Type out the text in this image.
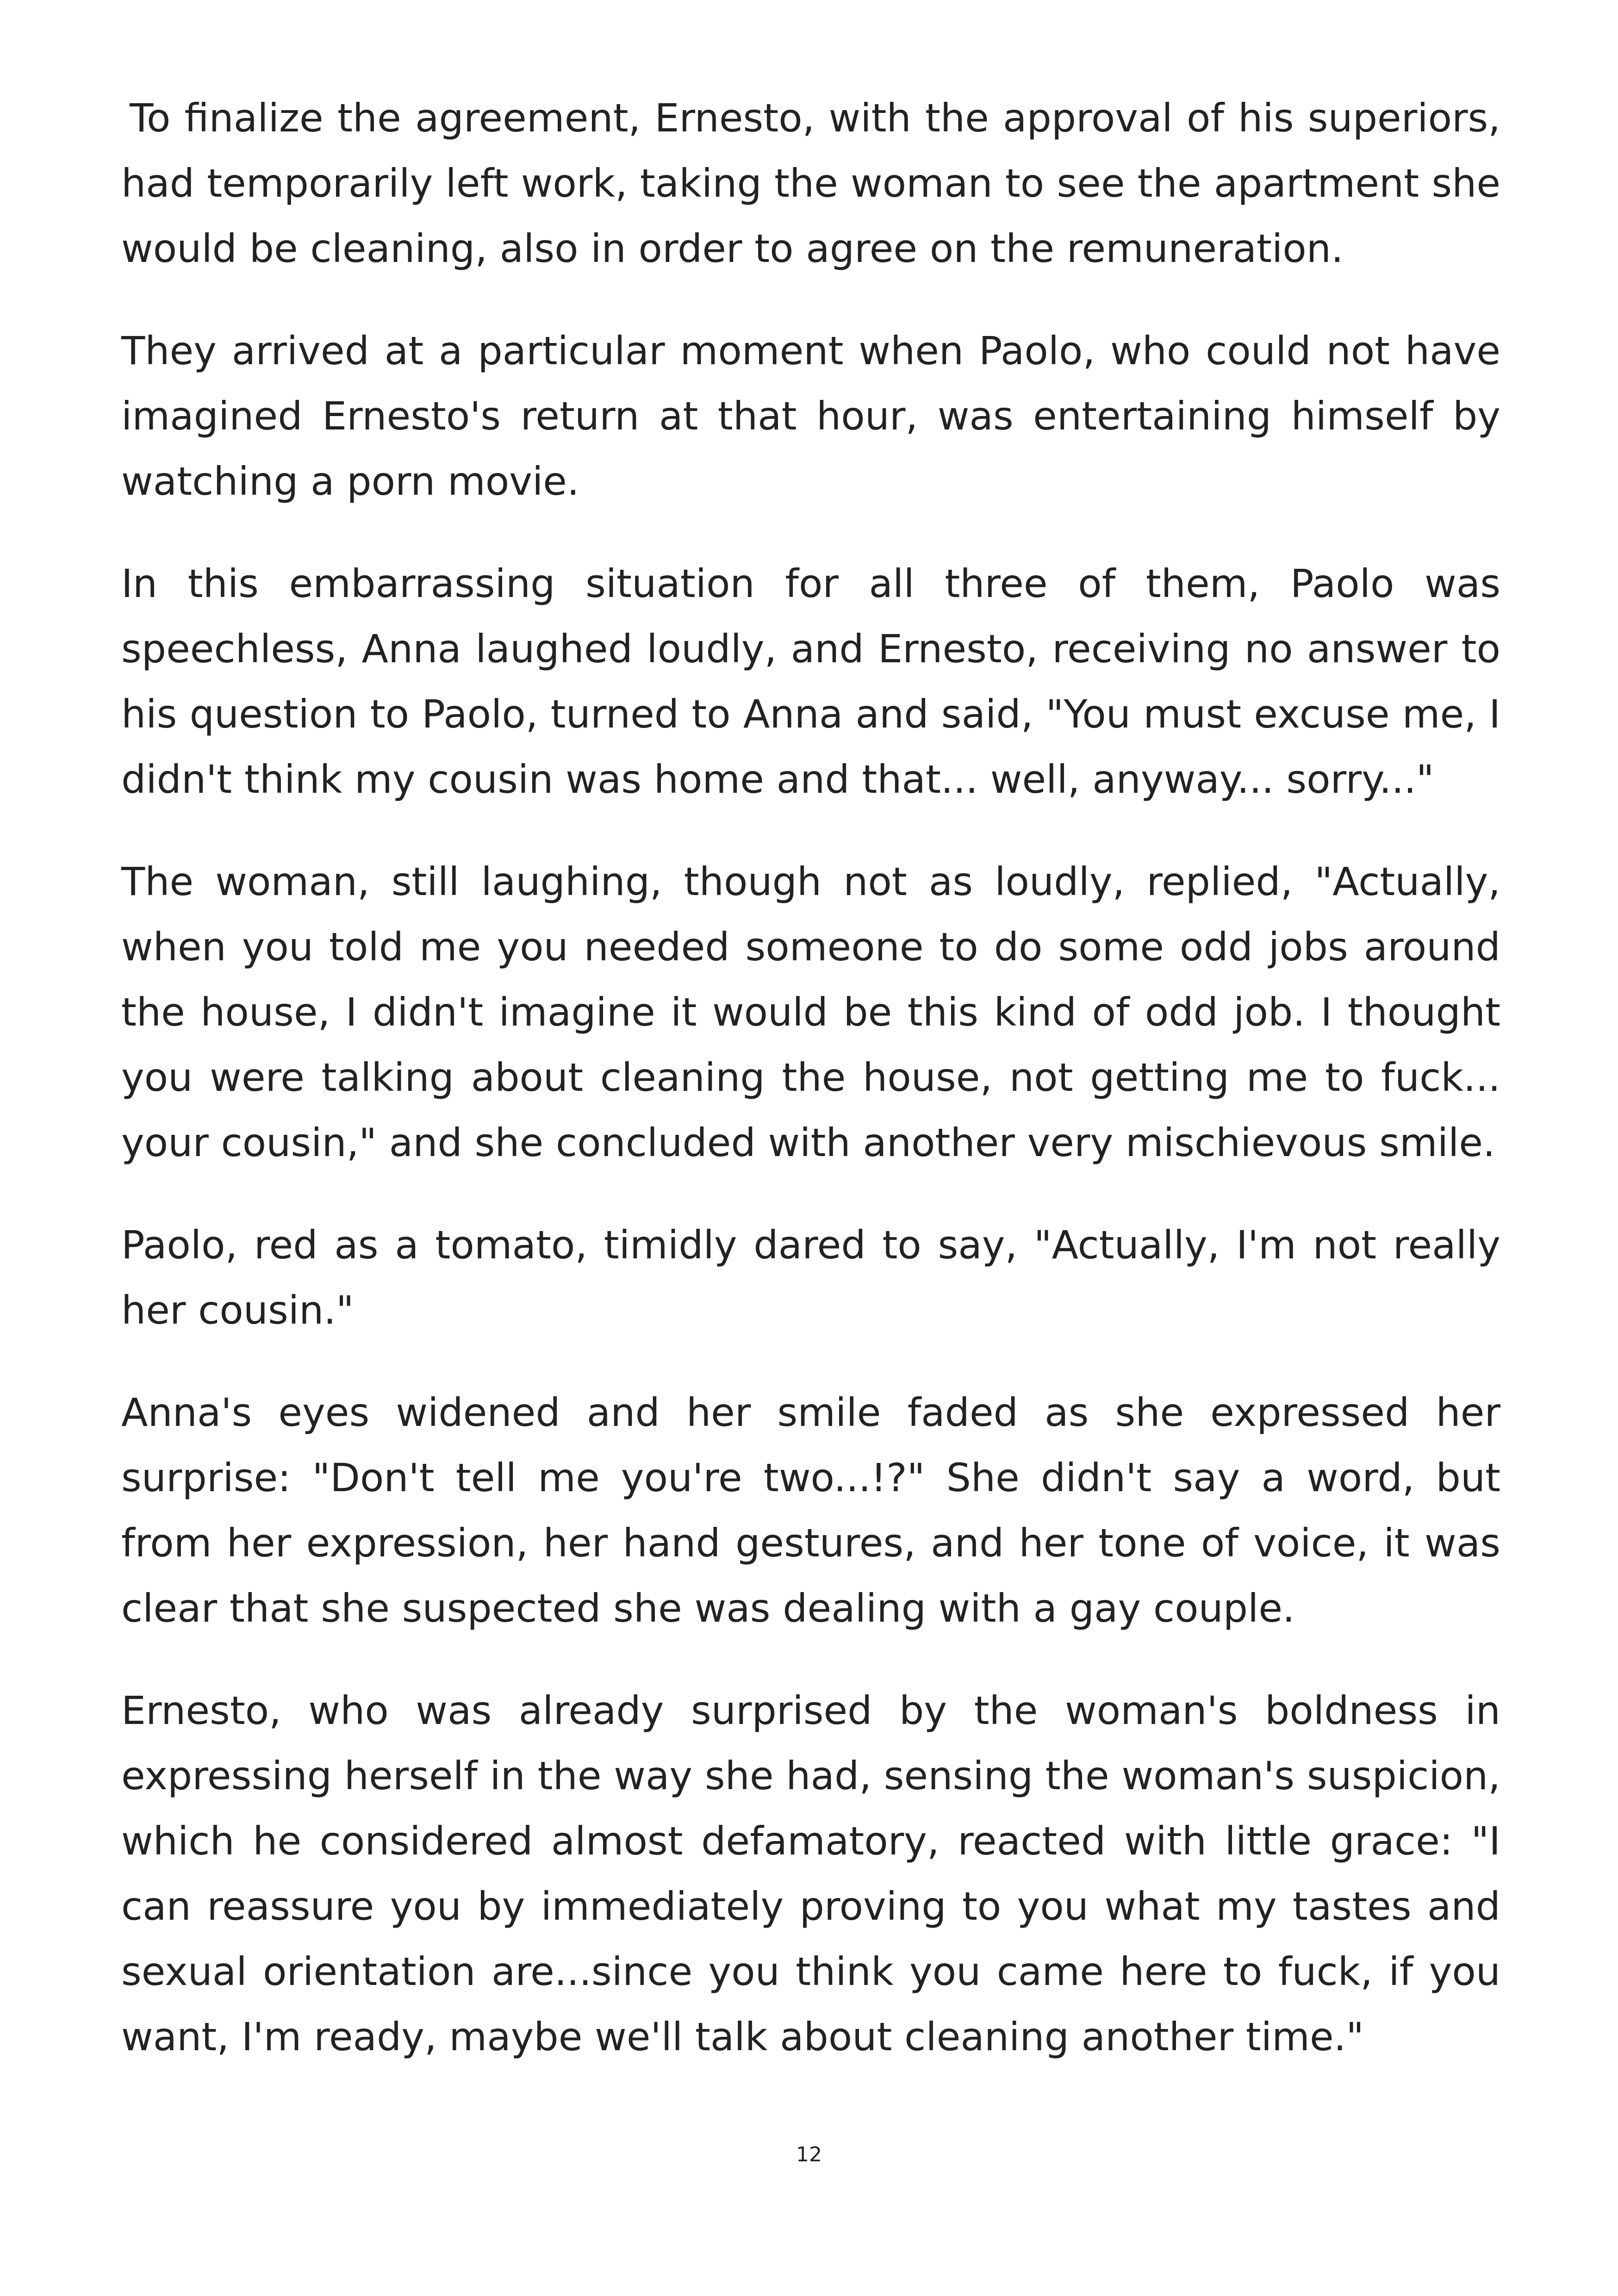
To finalize the agreement, Ernesto, with the approval of his superiors, had temporarily left work, taking the woman to see the apartment she would be cleaning, also in order to agree on the remuneration.

They arrived at a particular moment when Paolo, who could not have imagined Ernesto's return at that hour, was entertaining himself by watching a porn movie.

In this embarrassing situation for all three of them, Paolo was speechless, Anna laughed loudly, and Ernesto, receiving no answer to his question to Paolo, turned to Anna and said, "You must excuse me, I didn't think my cousin was home and that... well, anyway... sorry..."

The woman, still laughing, though not as loudly, replied, "Actually, when you told me you needed someone to do some odd jobs around the house, I didn't imagine it would be this kind of odd job. I thought you were talking about cleaning the house, not getting me to fuck... your cousin," and she concluded with another very mischievous smile.

Paolo, red as a tomato, timidly dared to say, "Actually, I'm not really her cousin."

Anna's eyes widened and her smile faded as she expressed her surprise: "Don't tell me you're two...!?" She didn't say a word, but from her expression, her hand gestures, and her tone of voice, it was clear that she suspected she was dealing with a gay couple.

Ernesto, who was already surprised by the woman's boldness in expressing herself in the way she had, sensing the woman's suspicion, which he considered almost defamatory, reacted with little grace: "I can reassure you by immediately proving to you what my tastes and sexual orientation are...since you think you came here to fuck, if you want, I'm ready, maybe we'll talk about cleaning another time."

12
